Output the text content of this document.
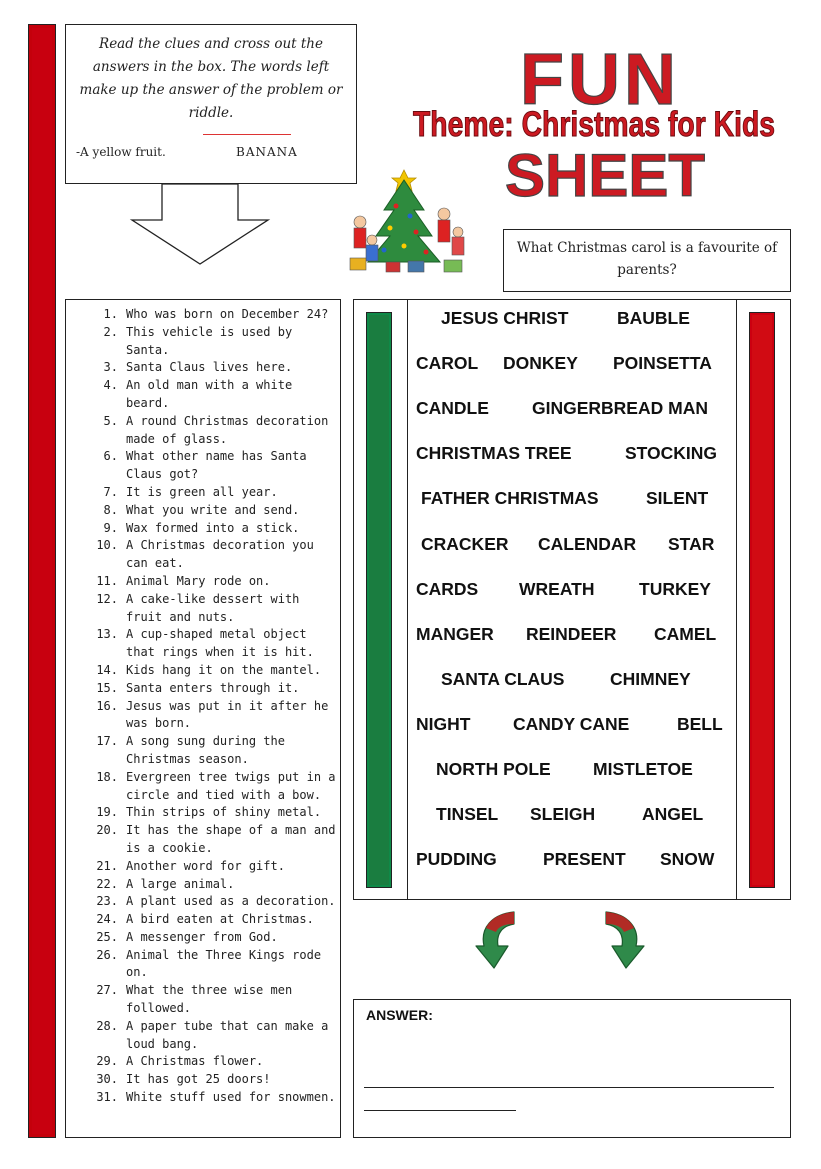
Read the clues and cross out the answers in the box. The words left make up the answer of the problem or riddle.
-A yellow fruit.	BANANA
FUN
Theme: Christmas for Kids
SHEET
What Christmas carol is a favourite of parents?
1. Who was born on December 24?
2. This vehicle is used by Santa.
3. Santa Claus lives here.
4. An old man with a white beard.
5. A round Christmas decoration made of glass.
6. What other name has Santa Claus got?
7. It is green all year.
8. What you write and send.
9. Wax formed into a stick.
10. A Christmas decoration you can eat.
11. Animal Mary rode on.
12. A cake-like dessert with fruit and nuts.
13. A cup-shaped metal object that rings when it is hit.
14. Kids hang it on the mantel.
15. Santa enters through it.
16. Jesus was put in it after he was born.
17. A song sung during the Christmas season.
18. Evergreen tree twigs put in a circle and tied with a bow.
19. Thin strips of shiny metal.
20. It has the shape of a man and is a cookie.
21. Another word for gift.
22. A large animal.
23. A plant used as a decoration.
24. A bird eaten at Christmas.
25. A messenger from God.
26. Animal the Three Kings rode on.
27. What the three wise men followed.
28. A paper tube that can make a loud bang.
29. A Christmas flower.
30. It has got 25 doors!
31. White stuff used for snowmen.
JESUS CHRIST	BAUBLE
CAROL DONKEY POINSETTA
CANDLE GINGERBREAD MAN
CHRISTMAS TREE	STOCKING
FATHER CHRISTMAS	SILENT
CRACKER CALENDAR STAR
CARDS WREATH	TURKEY
MANGER REINDEER CAMEL
SANTA CLAUS	CHIMNEY
NIGHT CANDY CANE	BELL
NORTH POLE MISTLETOE
TINSEL SLEIGH	ANGEL
PUDDING	PRESENT SNOW
ANSWER:
